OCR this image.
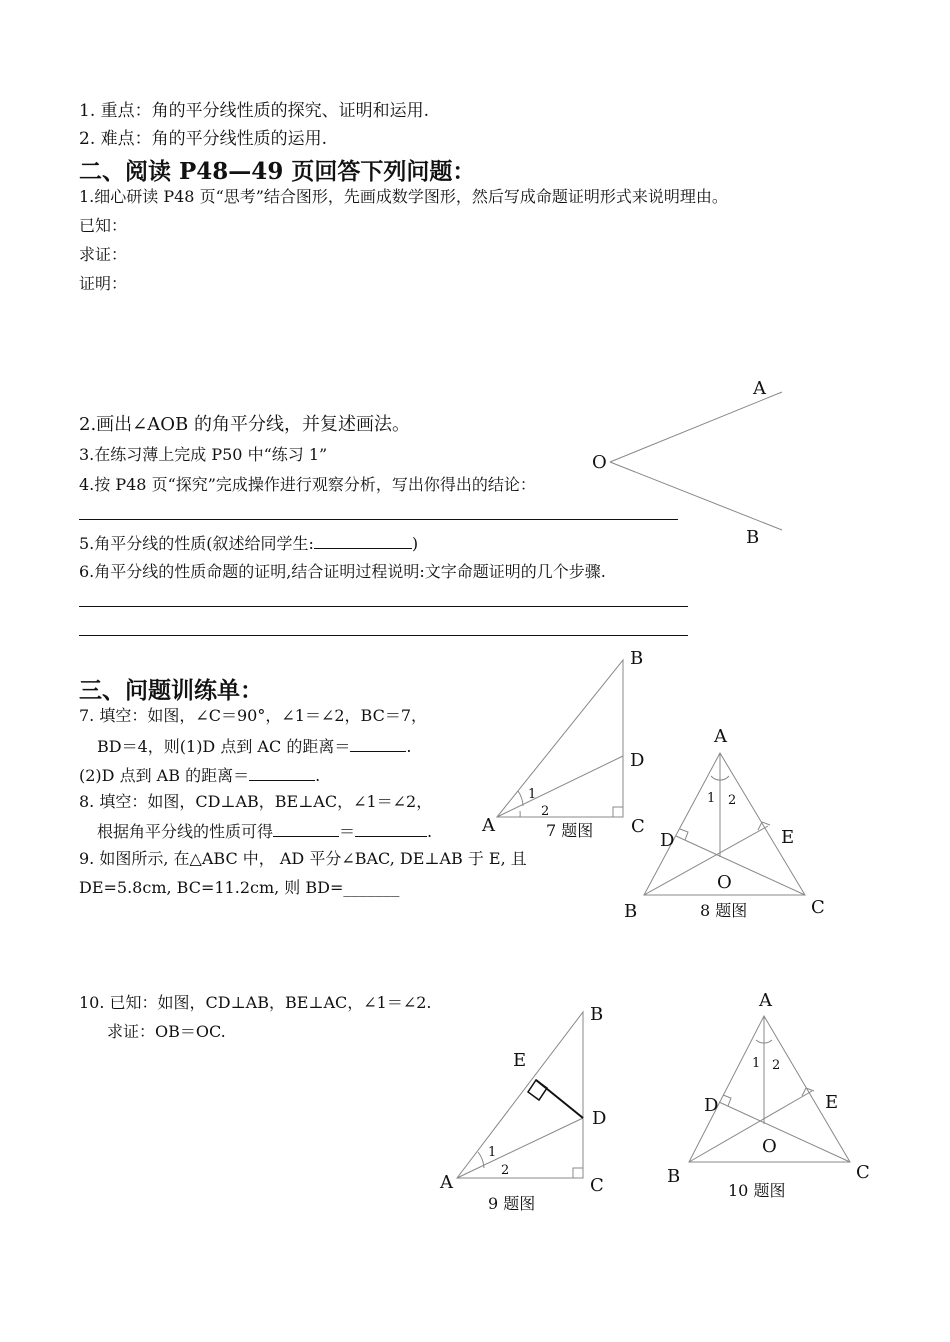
1. 重点：角的平分线性质的探究、证明和运用.
2. 难点：角的平分线性质的运用.
二、阅读 P48—49 页回答下列问题：
1.细心研读 P48 页“思考”结合图形，先画成数学图形，然后写成命题证明形式来说明理由。
已知：
求证：
证明：
2.画出∠AOB 的角平分线，并复述画法。
3.在练习薄上完成 P50 中“练习 1”
4.按 P48 页“探究”完成操作进行观察分析，写出你得出的结论：
5.角平分线的性质(叙述给同学生:	)
6.角平分线的性质命题的证明,结合证明过程说明:文字命题证明的几个步骤.
三、问题训练单：
7. 填空：如图，∠C＝90°，∠1＝∠2，BC＝7，
BD＝4，则(1)D 点到 AC 的距离＝	.
(2)D 点到 AB 的距离＝	.
8. 填空：如图，CD⊥AB，BE⊥AC，∠1＝∠2，
根据角平分线的性质可得	＝	.
9. 如图所示, 在△ABC 中， AD 平分∠BAC, DE⊥AB 于 E, 且
DE=5.8cm, BC=11.2cm, 则 BD=_______
10. 已知：如图，CD⊥AB，BE⊥AC，∠1＝∠2.
求证：OB＝OC.
A
O
B
B
D
C
A
1
2
7 题图
A
D	E
O
B	C
1 2
8 题图
B
E
D
C
A
1
2
9 题图
A
D	E
O
B	C
1 2
10 题图
